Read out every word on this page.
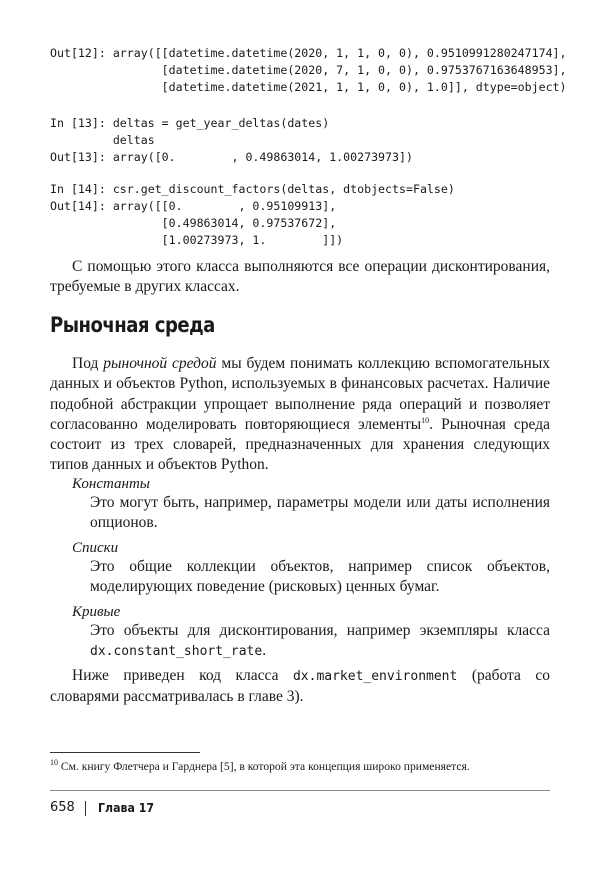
Out[12]: array([[datetime.datetime(2020, 1, 1, 0, 0), 0.9510991280247174],
[datetime.datetime(2020, 7, 1, 0, 0), 0.9753767163648953],
[datetime.datetime(2021, 1, 1, 0, 0), 1.0]], dtype=object)
In [13]: deltas = get_year_deltas(dates)
deltas
Out[13]: array([0.        , 0.49863014, 1.00273973])
In [14]: csr.get_discount_factors(deltas, dtobjects=False)
Out[14]: array([[0.        , 0.95109913],
[0.49863014, 0.97537672],
[1.00273973, 1.        ]])

С помощью этого класса выполняются все операции дисконтирования, требуемые в других классах.

Рыночная среда

Под рыночной средой мы будем понимать коллекцию вспомогательных данных и объектов Python, используемых в финансовых расчетах. Наличие подобной абстракции упрощает выполнение ряда операций и позволяет согласованно моделировать повторяющиеся элементы$^{10}$. Рыночная среда состоит из трех словарей, предназначенных для хранения следующих типов данных и объектов Python.

Константы

Это могут быть, например, параметры модели или даты исполнения опционов.

Списки

Это общие коллекции объектов, например список объектов, моделирующих поведение (рисковых) ценных бумаг.

Кривые

Это объекты для дисконтирования, например экземпляры класса dx.constant_short_rate.

Ниже приведен код класса dx.market_environment (работа со словарями рассматривалась в главе 3).

$^{10}$ См. книгу Флетчера и Гарднера [5], в которой эта концепция широко применяется.

658 Глава 17
